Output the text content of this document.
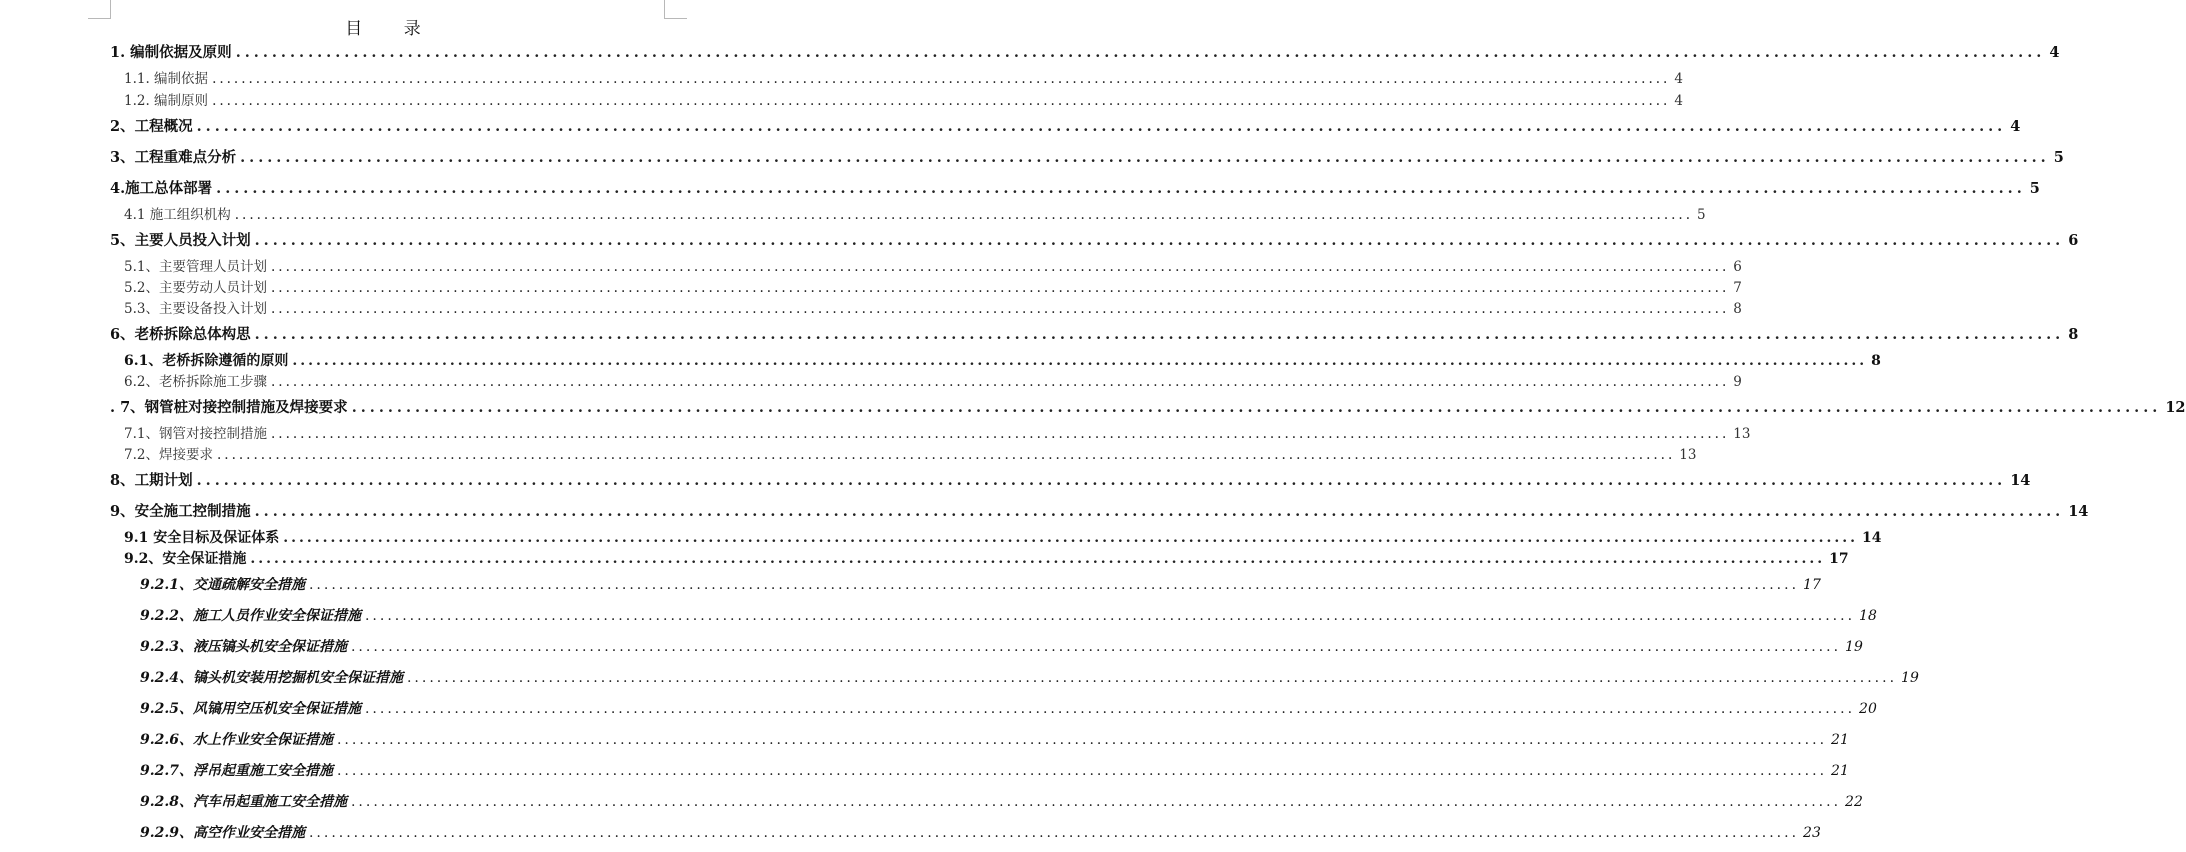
目 录
1. 编制依据及原则 ........................................................................................................................................................................................................ 4
1.1. 编制依据 ........................................................................................................................................................................................................ 4
1.2. 编制原则 ........................................................................................................................................................................................................ 4
2、工程概况 ........................................................................................................................................................................................................ 4
3、工程重难点分析 ........................................................................................................................................................................................................ 5
4.施工总体部署 ........................................................................................................................................................................................................ 5
4.1 施工组织机构 ........................................................................................................................................................................................................ 5
5、主要人员投入计划 ........................................................................................................................................................................................................ 6
5.1、主要管理人员计划 ........................................................................................................................................................................................................ 6
5.2、主要劳动人员计划 ........................................................................................................................................................................................................ 7
5.3、主要设备投入计划 ........................................................................................................................................................................................................ 8
6、老桥拆除总体构思 ........................................................................................................................................................................................................ 8
6.1、老桥拆除遵循的原则 ........................................................................................................................................................................................................ 8
6.2、老桥拆除施工步骤 ........................................................................................................................................................................................................ 9
. 7、钢管桩对接控制措施及焊接要求 ........................................................................................................................................................................................................ 12
7.1、钢管对接控制措施 ........................................................................................................................................................................................................ 13
7.2、焊接要求 ........................................................................................................................................................................................................ 13
8、工期计划 ........................................................................................................................................................................................................ 14
9、安全施工控制措施 ........................................................................................................................................................................................................ 14
9.1 安全目标及保证体系 ........................................................................................................................................................................................................ 14
9.2、安全保证措施 ........................................................................................................................................................................................................ 17
9.2.1、交通疏解安全措施 ........................................................................................................................................................................................................ 17
9.2.2、施工人员作业安全保证措施 ........................................................................................................................................................................................................ 18
9.2.3、液压镐头机安全保证措施 ........................................................................................................................................................................................................ 19
9.2.4、镐头机安装用挖掘机安全保证措施 ........................................................................................................................................................................................................ 19
9.2.5、风镐用空压机安全保证措施 ........................................................................................................................................................................................................ 20
9.2.6、水上作业安全保证措施 ........................................................................................................................................................................................................ 21
9.2.7、浮吊起重施工安全措施 ........................................................................................................................................................................................................ 21
9.2.8、汽车吊起重施工安全措施 ........................................................................................................................................................................................................ 22
9.2.9、高空作业安全措施 ........................................................................................................................................................................................................ 23
